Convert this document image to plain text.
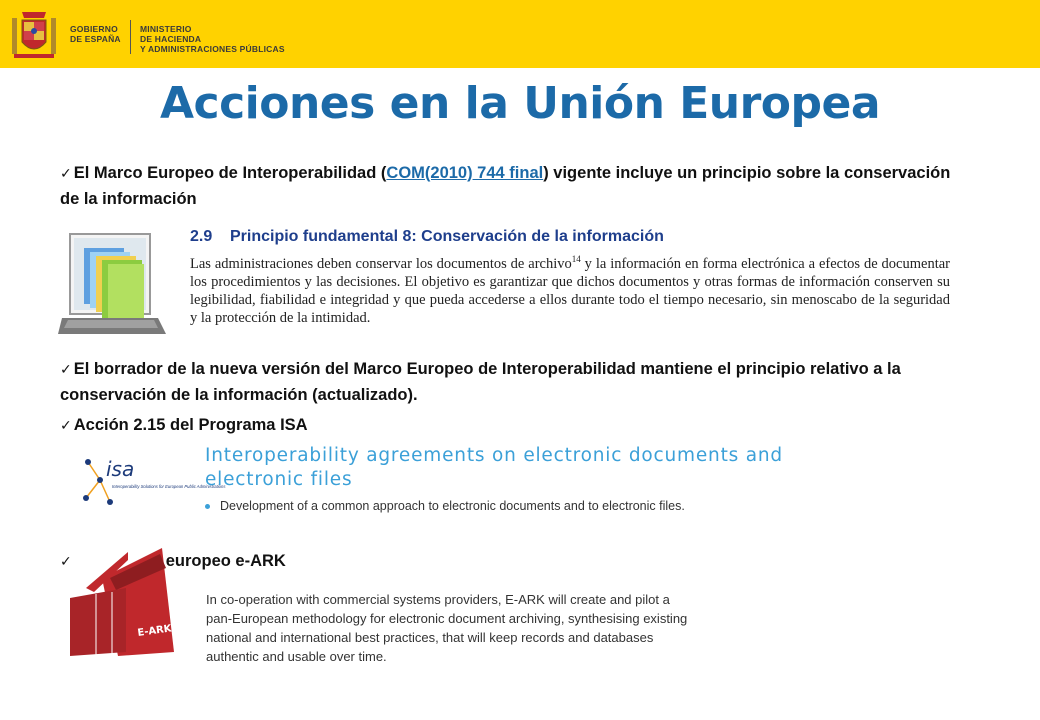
GOBIERNO
DE ESPAÑA
MINISTERIO
DE HACIENDA
Y ADMINISTRACIONES PÚBLICAS
Acciones en la Unión Europea
✓ El Marco Europeo de Interoperabilidad (COM(2010) 744 final) vigente incluye un principio sobre la conservación de la información
2.9 Principio fundamental 8: Conservación de la información
Las administraciones deben conservar los documentos de archivo$^{14}$ y la información en forma electrónica a efectos de documentar los procedimientos y las decisiones. El objetivo es garantizar que dichos documentos y otras formas de información conserven su legibilidad, fiabilidad e integridad y que pueda accederse a ellos durante todo el tiempo necesario, sin menoscabo de la seguridad y la protección de la intimidad.
✓ El borrador de la nueva versión del Marco Europeo de Interoperabilidad mantiene el principio relativo a la conservación de la información (actualizado).
✓ Acción 2.15 del Programa ISA
isa
Interoperability Solutions for European Public Administrations
Interoperability agreements on electronic documents and electronic files
Development of a common approach to electronic documents and to electronic files.
✓	europeo e-ARK
E-ARK
In co-operation with commercial systems providers, E-ARK will create and pilot a pan-European methodology for electronic document archiving, synthesising existing national and international best practices, that will keep records and databases authentic and usable over time.
